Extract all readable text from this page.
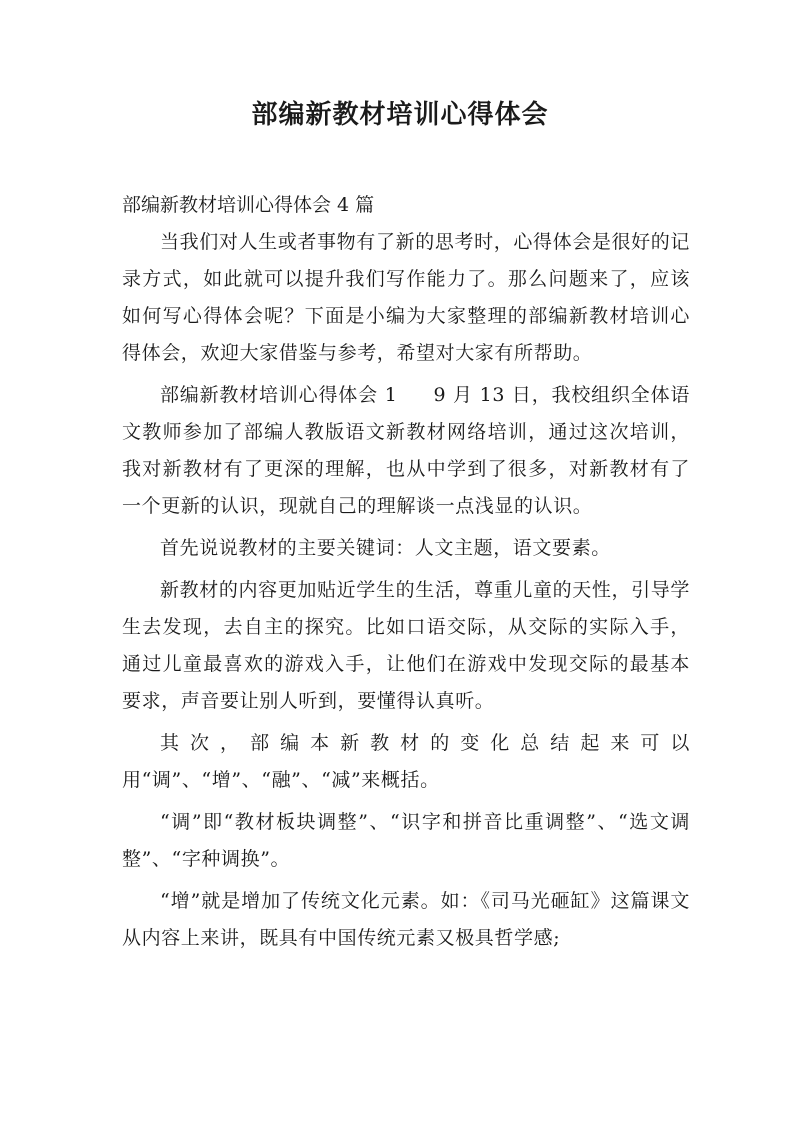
部编新教材培训心得体会

部编新教材培训心得体会 4 篇

当我们对人生或者事物有了新的思考时，心得体会是很好的记录方式，如此就可以提升我们写作能力了。那么问题来了，应该如何写心得体会呢？下面是小编为大家整理的部编新教材培训心得体会，欢迎大家借鉴与参考，希望对大家有所帮助。

部编新教材培训心得体会 1 9 月 13 日，我校组织全体语文教师参加了部编人教版语文新教材网络培训，通过这次培训，我对新教材有了更深的理解，也从中学到了很多，对新教材有了一个更新的认识，现就自己的理解谈一点浅显的认识。

首先说说教材的主要关键词：人文主题，语文要素。

新教材的内容更加贴近学生的生活，尊重儿童的天性，引导学生去发现，去自主的探究。比如口语交际，从交际的实际入手，通过儿童最喜欢的游戏入手，让他们在游戏中发现交际的最基本要求，声音要让别人听到，要懂得认真听。

其次，部编本新教材的变化总结起来可以用“调”、“增”、“融”、“减”来概括。

“调”即“教材板块调整”、“识字和拼音比重调整”、“选文调整”、“字种调换”。

“增”就是增加了传统文化元素。如：《司马光砸缸》这篇课文从内容上来讲，既具有中国传统元素又极具哲学感;
